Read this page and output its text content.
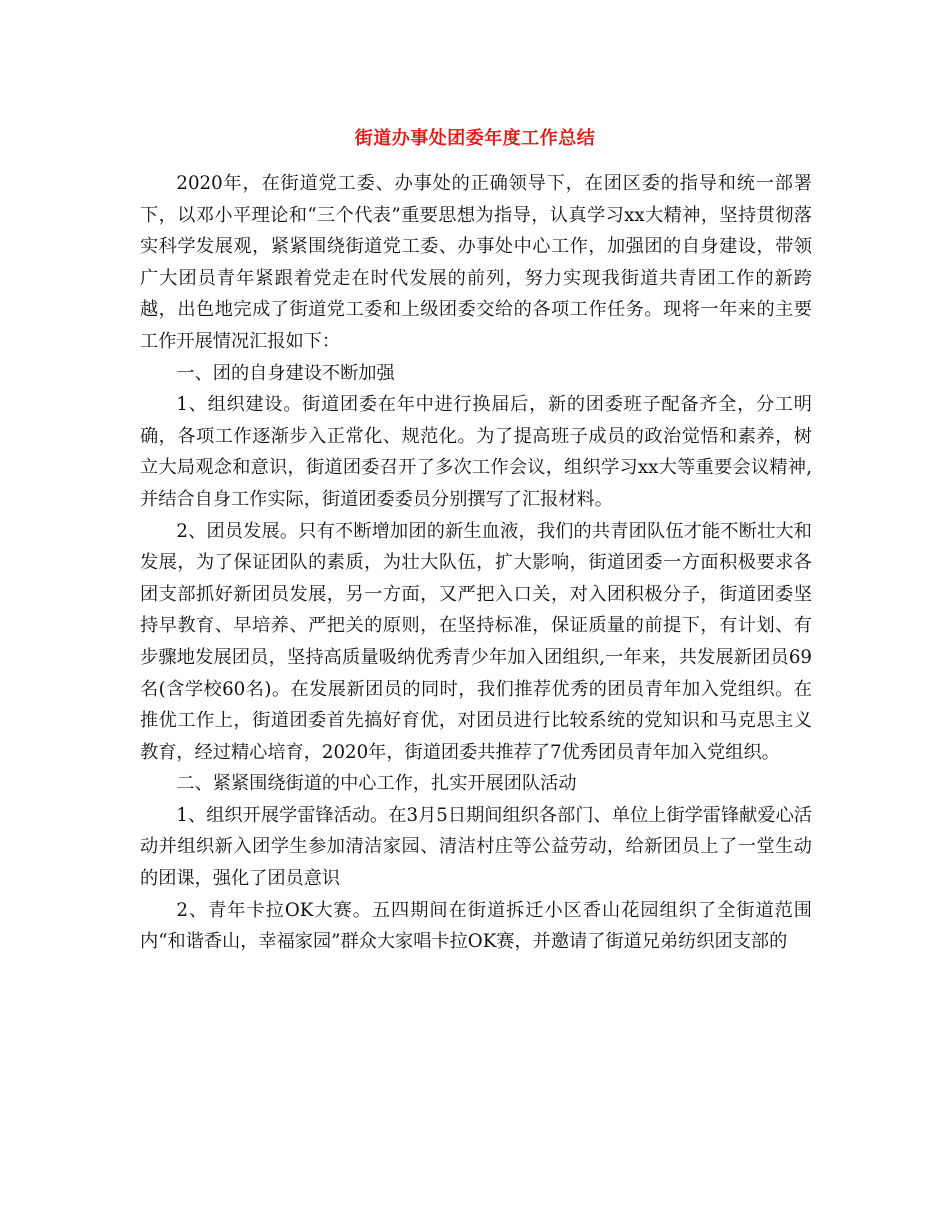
街道办事处团委年度工作总结

2020年，在街道党工委、办事处的正确领导下，在团区委的指导和统一部署下，以邓小平理论和“三个代表”重要思想为指导，认真学习xx大精神，坚持贯彻落实科学发展观，紧紧围绕街道党工委、办事处中心工作，加强团的自身建设，带领广大团员青年紧跟着党走在时代发展的前列，努力实现我街道共青团工作的新跨越，出色地完成了街道党工委和上级团委交给的各项工作任务。现将一年来的主要工作开展情况汇报如下：

一、团的自身建设不断加强

1、组织建设。街道团委在年中进行换届后，新的团委班子配备齐全，分工明确，各项工作逐渐步入正常化、规范化。为了提高班子成员的政治觉悟和素养，树立大局观念和意识，街道团委召开了多次工作会议，组织学习xx大等重要会议精神,并结合自身工作实际，街道团委委员分别撰写了汇报材料。

2、团员发展。只有不断增加团的新生血液，我们的共青团队伍才能不断壮大和发展，为了保证团队的素质，为壮大队伍，扩大影响，街道团委一方面积极要求各团支部抓好新团员发展，另一方面，又严把入口关，对入团积极分子，街道团委坚持早教育、早培养、严把关的原则，在坚持标准，保证质量的前提下，有计划、有步骤地发展团员，坚持高质量吸纳优秀青少年加入团组织,一年来，共发展新团员69名(含学校60名)。在发展新团员的同时，我们推荐优秀的团员青年加入党组织。在推优工作上，街道团委首先搞好育优，对团员进行比较系统的党知识和马克思主义教育，经过精心培育，2020年，街道团委共推荐了7优秀团员青年加入党组织。

二、紧紧围绕街道的中心工作，扎实开展团队活动

1、组织开展学雷锋活动。在3月5日期间组织各部门、单位上街学雷锋献爱心活动并组织新入团学生参加清洁家园、清洁村庄等公益劳动，给新团员上了一堂生动的团课，强化了团员意识

2、青年卡拉OK大赛。五四期间在街道拆迁小区香山花园组织了全街道范围内“和谐香山，幸福家园”群众大家唱卡拉OK赛，并邀请了街道兄弟纺织团支部的
